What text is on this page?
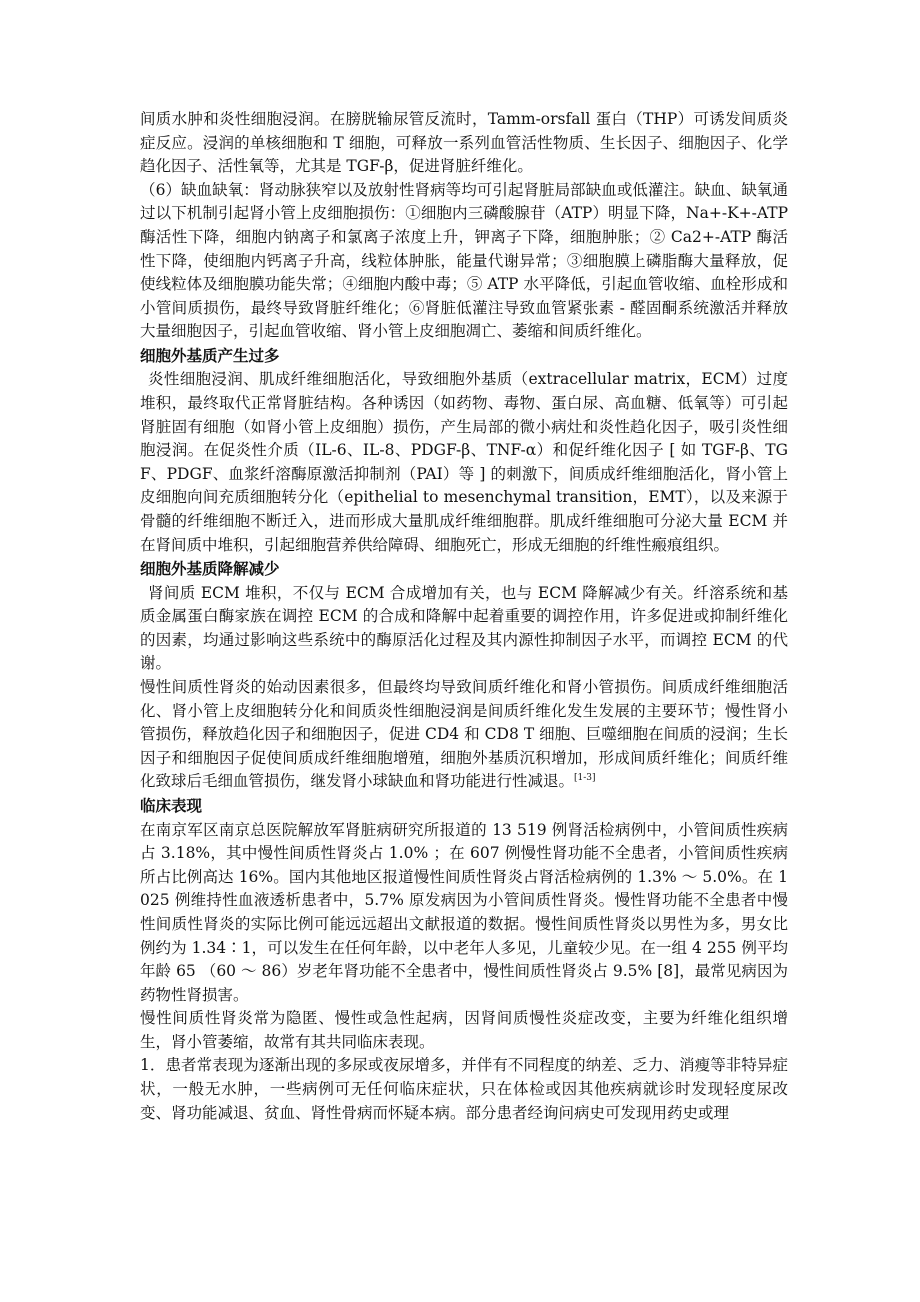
间质水肿和炎性细胞浸润。在膀胱输尿管反流时，Tamm-orsfall 蛋白（THP）可诱发间质炎症反应。浸润的单核细胞和 T 细胞，可释放一系列血管活性物质、生长因子、细胞因子、化学趋化因子、活性氧等，尤其是 TGF-β，促进肾脏纤维化。

（6）缺血缺氧：肾动脉狭窄以及放射性肾病等均可引起肾脏局部缺血或低灌注。缺血、缺氧通过以下机制引起肾小管上皮细胞损伤：①细胞内三磷酸腺苷（ATP）明显下降，Na+-K+-ATP 酶活性下降，细胞内钠离子和氯离子浓度上升，钾离子下降，细胞肿胀；② Ca2+-ATP 酶活性下降，使细胞内钙离子升高，线粒体肿胀，能量代谢异常；③细胞膜上磷脂酶大量释放，促使线粒体及细胞膜功能失常；④细胞内酸中毒；⑤ ATP 水平降低，引起血管收缩、血栓形成和小管间质损伤，最终导致肾脏纤维化；⑥肾脏低灌注导致血管紧张素 - 醛固酮系统激活并释放大量细胞因子，引起血管收缩、肾小管上皮细胞凋亡、萎缩和间质纤维化。

细胞外基质产生过多

炎性细胞浸润、肌成纤维细胞活化，导致细胞外基质（extracellular matrix，ECM）过度堆积，最终取代正常肾脏结构。各种诱因（如药物、毒物、蛋白尿、高血糖、低氧等）可引起肾脏固有细胞（如肾小管上皮细胞）损伤，产生局部的微小病灶和炎性趋化因子，吸引炎性细胞浸润。在促炎性介质（IL-6、IL-8、PDGF-β、TNF-α）和促纤维化因子 [ 如 TGF-β、TGF、PDGF、血浆纤溶酶原激活抑制剂（PAI）等 ] 的刺激下，间质成纤维细胞活化，肾小管上皮细胞向间充质细胞转分化（epithelial to mesenchymal transition，EMT），以及来源于骨髓的纤维细胞不断迁入，进而形成大量肌成纤维细胞群。肌成纤维细胞可分泌大量 ECM 并在肾间质中堆积，引起细胞营养供给障碍、细胞死亡，形成无细胞的纤维性瘢痕组织。

细胞外基质降解减少

肾间质 ECM 堆积，不仅与 ECM 合成增加有关，也与 ECM 降解减少有关。纤溶系统和基质金属蛋白酶家族在调控 ECM 的合成和降解中起着重要的调控作用，许多促进或抑制纤维化的因素，均通过影响这些系统中的酶原活化过程及其内源性抑制因子水平，而调控 ECM 的代谢。

慢性间质性肾炎的始动因素很多，但最终均导致间质纤维化和肾小管损伤。间质成纤维细胞活化、肾小管上皮细胞转分化和间质炎性细胞浸润是间质纤维化发生发展的主要环节；慢性肾小管损伤，释放趋化因子和细胞因子，促进 CD4 和 CD8 T 细胞、巨噬细胞在间质的浸润；生长因子和细胞因子促使间质成纤维细胞增殖，细胞外基质沉积增加，形成间质纤维化；间质纤维化致球后毛细血管损伤，继发肾小球缺血和肾功能进行性减退。[1-3]

临床表现

在南京军区南京总医院解放军肾脏病研究所报道的 13 519 例肾活检病例中，小管间质性疾病占 3.18%，其中慢性间质性肾炎占 1.0% ；在 607 例慢性肾功能不全患者，小管间质性疾病所占比例高达 16%。国内其他地区报道慢性间质性肾炎占肾活检病例的 1.3% ～ 5.0%。在 1 025 例维持性血液透析患者中，5.7% 原发病因为小管间质性肾炎。慢性肾功能不全患者中慢性间质性肾炎的实际比例可能远远超出文献报道的数据。慢性间质性肾炎以男性为多，男女比例约为 1.34∶1，可以发生在任何年龄，以中老年人多见，儿童较少见。在一组 4 255 例平均年龄 65 （60 ～ 86）岁老年肾功能不全患者中，慢性间质性肾炎占 9.5% [8]，最常见病因为药物性肾损害。

慢性间质性肾炎常为隐匿、慢性或急性起病，因肾间质慢性炎症改变，主要为纤维化组织增生，肾小管萎缩，故常有其共同临床表现。

1．患者常表现为逐渐出现的多尿或夜尿增多，并伴有不同程度的纳差、乏力、消瘦等非特异症状，一般无水肿，一些病例可无任何临床症状，只在体检或因其他疾病就诊时发现轻度尿改变、肾功能减退、贫血、肾性骨病而怀疑本病。部分患者经询问病史可发现用药史或理
